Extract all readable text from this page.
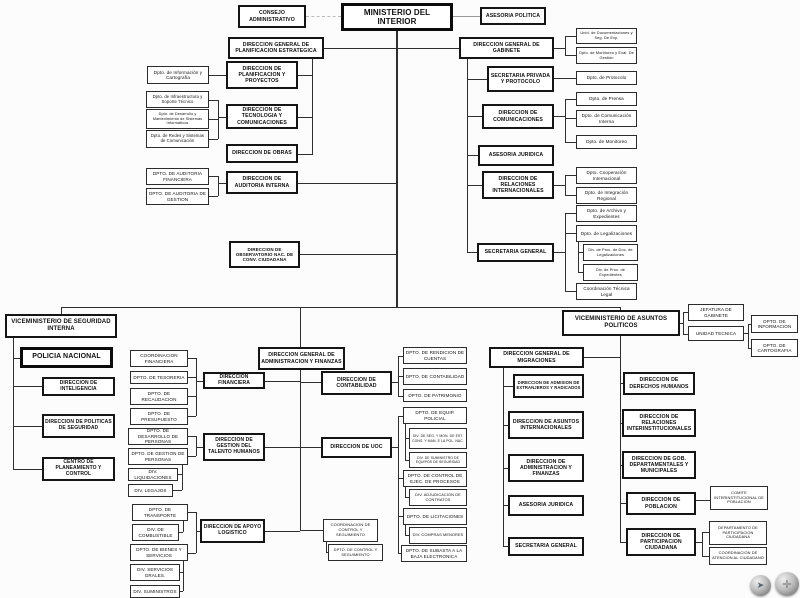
➤	✛
CONSEJO ADMINISTRATIVO
MINISTERIO DEL INTERIOR
ASESORIA POLITICA
DIRECCION GENERAL DE PLANIFICACION ESTRATEGICA
DIRECCION GENERAL DE GABINETE
Dpto. de Información y Cartografía
DIRECCION DE PLANIFICACION Y PROYECTOS
Dpto. de Infraestructura y Soporte Técnico
Dpto. de Desarrollo y Mantenimiento de Sistemas Informáticos
Dpto. de Redes y Sistemas de Comunicación
DIRECCION DE TECNOLOGIA Y COMUNICACIONES
DIRECCION DE OBRAS
DPTO. DE AUDITORIA FINANCIERA
DPTO. DE AUDITORIA DE GESTION
DIRECCION DE AUDITORIA INTERNA
DIRECCION DE OBSERVATORIO NAC. DE CONV. CIUDADANA
Unid. de Documentaciones y Seg. De Exp.
Dpto. de Monitoreo y Eval. De Gestión
SECRETARIA PRIVADA Y PROTOCOLO
Dpto. de Protocolo
DIRECCION DE COMUNICACIONES
Dpto. de Prensa
Dpto. de Comunicación Interna
Dpto. de Monitoreo
ASESORIA JURIDICA
DIRECCION DE RELACIONES INTERNACIONALES
Dpto. Cooperación Internacional
Dpto. de Integración Regional
SECRETARIA GENERAL
Dpto. de Archivo y Expedientes
Dpto. de Legalizaciones
Div. de Proc. de Doc. de Legalizaciones
Div. de Proc. de Expedientes
Coordinación Técnica Legal
VICEMINISTERIO DE SEGURIDAD INTERNA
POLICIA NACIONAL
DIRECCION DE INTELIGENCIA
DIRECCION DE POLITICAS DE SEGURIDAD
CENTRO DE PLANEAMIENTO Y CONTROL
COORDINACION FINANCIERA
DPTO. DE TESORERIA
DPTO. DE RECAUDACION
DPTO. DE PRESUPUESTO
DIRECCION FINANCIERA
DPTO. DE DESARROLLO DE PERSONAS
DPTO. DE GESTION DE PERSONAS
DIV. LIQUIDACIONES
DIV. LEGAJOS
DIRECCION DE GESTION DEL TALENTO HUMANOS
DPTO. DE TRANSPORTE
DIV. DE COMBUSTIBLE
DPTO. DE BIENES Y SERVICIOS
DIV. SERVICIOS GRALES.
DIV. SUMINISTROS
DIRECCION DE APOYO LOGISTICO
DIRECCION GENERAL DE ADMINISTRACION Y FINANZAS
DIRECCION DE CONTABILIDAD
DIRECCION DE UOC
COORDINACION DE CONTROL Y SEGUIMIENTO
DPTO. DE CONTROL Y SEGUIMIENTO
DPTO. DE RENDICION DE CUENTAS
DPTO. DE CONTABILIDAD
DPTO. DE PATRIMONIO
DPTO. DE EQUIP. POLICIAL
DIV. DE SEG. Y MON. DE EST. CONS. Y MAN. E LA POL. NAC.
DIV. DE SUMINISTRO DE EQUIPOS DE SEGURIDAD
DPTO. DE CONTROL DE EJEC. DE PROCESOS
DIV. ADJUDICACION DE CONTRATOS
DPTO. DE LICITACIONES
DIV. COMPRAS MENORES
DPTO. DE SUBASTA A LA BAJA ELECTRONICA
VICEMINISTERIO DE ASUNTOS POLITICOS
JEFATURA DE GABINETE
UNIDAD TECNICA
DPTO. DE INFORMACION
DPTO. DE CARTOGRAFIA
DIRECCION GENERAL DE MIGRACIONES
DIRECCION DE ADMISION DE EXTRANJEROS Y RADICADOS
DIRECCION DE ASUNTOS INTERNACIONALES
DIRECCION DE ADMINISTRACION Y FINANZAS
ASESORIA JURIDICA
SECRETARIA GENERAL
DIRECCION DE DERECHOS HUMANOS
DIRECCION DE RELACIONES INTERINSTITUCIONALES
DIRECCION DE GOB. DEPARTAMENTALES Y MUNICIPALES
DIRECCION DE POBLACION
COMITE INTERINSTITUCIONAL DE POBLACION
DIRECCION DE PARTICIPACION CIUDADANA
DEPARTAMENTO DE PARTICIPACION CIUDADANA
COORDINACION DE ATENCION AL CIUDADANO
